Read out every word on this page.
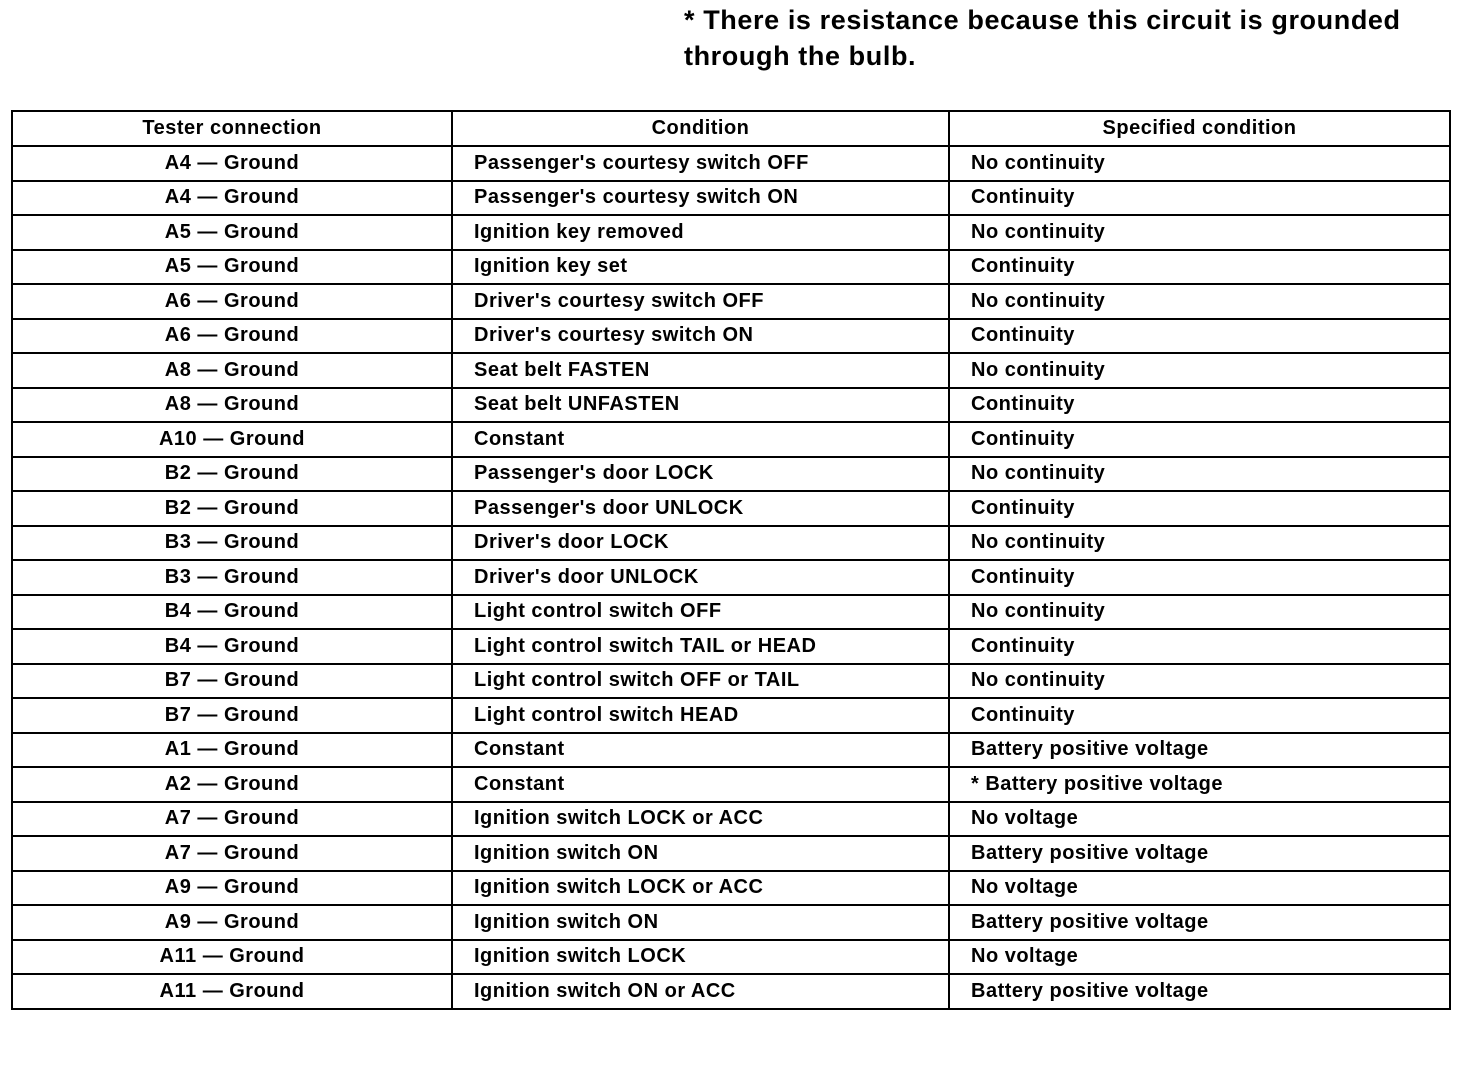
* There is resistance because this circuit is grounded
through the bulb.
Tester connection	Condition	Specified condition
A4 — Ground	Passenger's courtesy switch OFF	No continuity
A4 — Ground	Passenger's courtesy switch ON	Continuity
A5 — Ground	Ignition key removed	No continuity
A5 — Ground	Ignition key set	Continuity
A6 — Ground	Driver's courtesy switch OFF	No continuity
A6 — Ground	Driver's courtesy switch ON	Continuity
A8 — Ground	Seat belt FASTEN	No continuity
A8 — Ground	Seat belt UNFASTEN	Continuity
A10 — Ground	Constant	Continuity
B2 — Ground	Passenger's door LOCK	No continuity
B2 — Ground	Passenger's door UNLOCK	Continuity
B3 — Ground	Driver's door LOCK	No continuity
B3 — Ground	Driver's door UNLOCK	Continuity
B4 — Ground	Light control switch OFF	No continuity
B4 — Ground	Light control switch TAIL or HEAD	Continuity
B7 — Ground	Light control switch OFF or TAIL	No continuity
B7 — Ground	Light control switch HEAD	Continuity
A1 — Ground	Constant	Battery positive voltage
A2 — Ground	Constant	* Battery positive voltage
A7 — Ground	Ignition switch LOCK or ACC	No voltage
A7 — Ground	Ignition switch ON	Battery positive voltage
A9 — Ground	Ignition switch LOCK or ACC	No voltage
A9 — Ground	Ignition switch ON	Battery positive voltage
A11 — Ground	Ignition switch LOCK	No voltage
A11 — Ground	Ignition switch ON or ACC	Battery positive voltage
